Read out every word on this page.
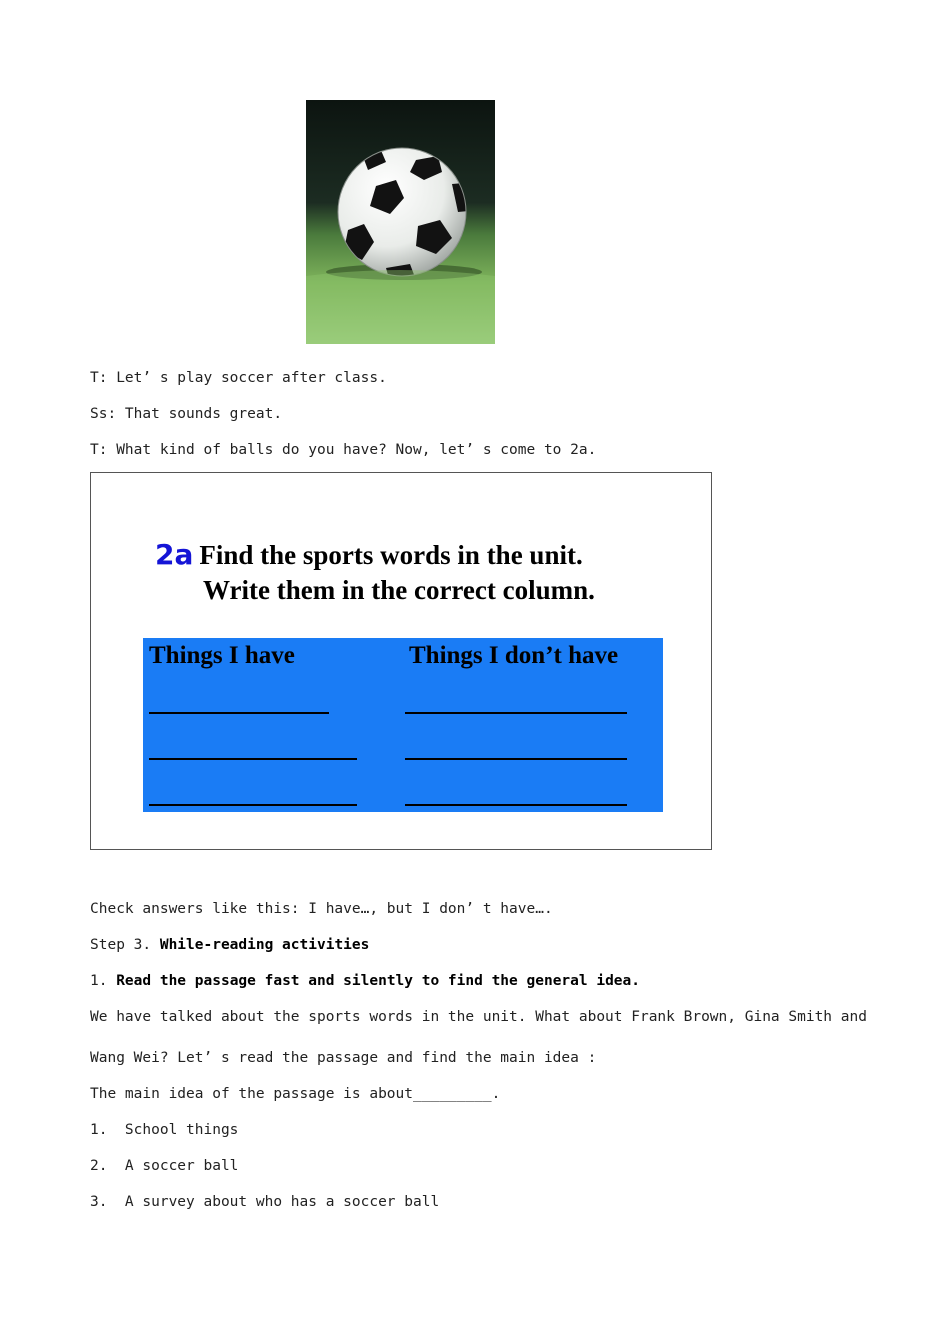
T: Let’ s play soccer after class.
Ss: That sounds great.
T: What kind of balls do you have? Now, let’ s come to 2a.
2a Find the sports words in the unit.
Write them in the correct column.
Things I have	Things I don’t have
Check answers like this: I have…, but I don’ t have….
Step 3. While-reading activities
1. Read the passage fast and silently to find the general idea.
We have talked about the sports words in the unit. What about Frank Brown, Gina Smith and
Wang Wei? Let’ s read the passage and find the main idea :
The main idea of the passage is about_________.
1.  School things
2.  A soccer ball
3.  A survey about who has a soccer ball
